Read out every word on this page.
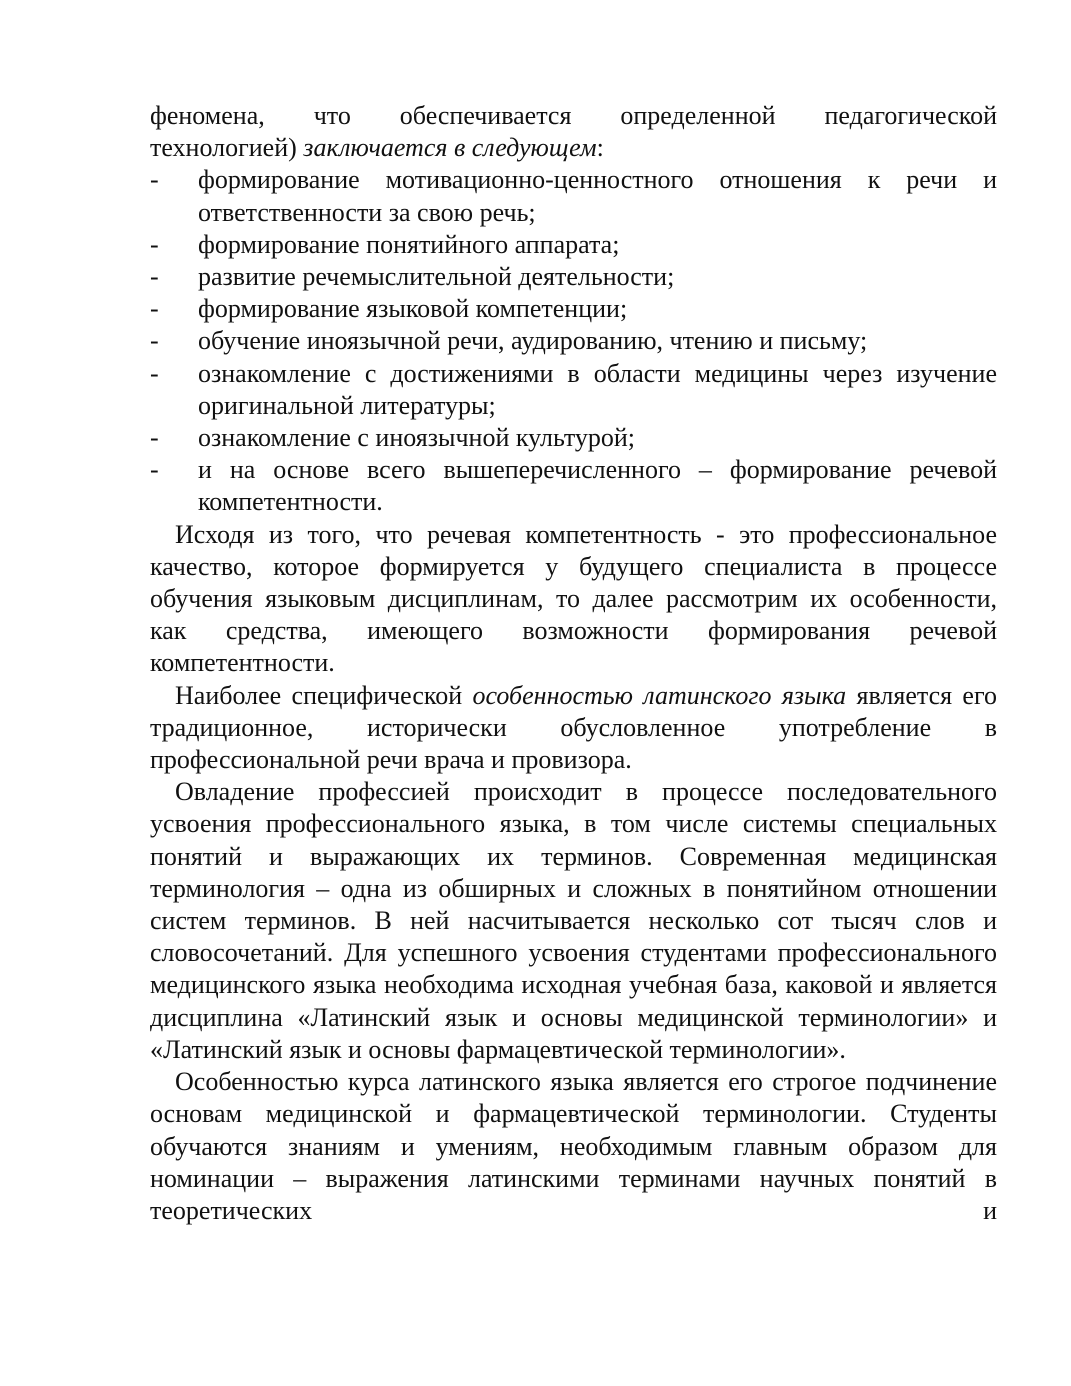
феномена, что обеспечивается определенной педагогической
технологией) заключается в следующем:

- формирование мотивационно-ценностного отношения к речи и ответственности за свою речь;
- формирование понятийного аппарата;
- развитие речемыслительной деятельности;
- формирование языковой компетенции;
- обучение иноязычной речи, аудированию, чтению и письму;
- ознакомление с достижениями в области медицины через изучение оригинальной литературы;
- ознакомление с иноязычной культурой;
- и на основе всего вышеперечисленного – формирование речевой компетентности.

Исходя из того, что речевая компетентность - это профессиональное качество, которое формируется у будущего специалиста в процессе обучения языковым дисциплинам, то далее рассмотрим их особенности, как средства, имеющего возможности формирования речевой компетентности.

Наиболее специфической особенностью латинского языка является его традиционное, исторически обусловленное употребление в профессиональной речи врача и провизора.

Овладение профессией происходит в процессе последовательного усвоения профессионального языка, в том числе системы специальных понятий и выражающих их терминов. Современная медицинская терминология – одна из обширных и сложных в понятийном отношении систем терминов. В ней насчитывается несколько сот тысяч слов и словосочетаний. Для успешного усвоения студентами профессионального медицинского языка необходима исходная учебная база, каковой и является дисциплина «Латинский язык и основы медицинской терминологии» и «Латинский язык и основы фармацевтической терминологии».

Особенностью курса латинского языка является его строгое подчинение основам медицинской и фармацевтической терминологии. Студенты обучаются знаниям и умениям, необходимым главным образом для номинации – выражения латинскими терминами научных понятий в теоретических и
